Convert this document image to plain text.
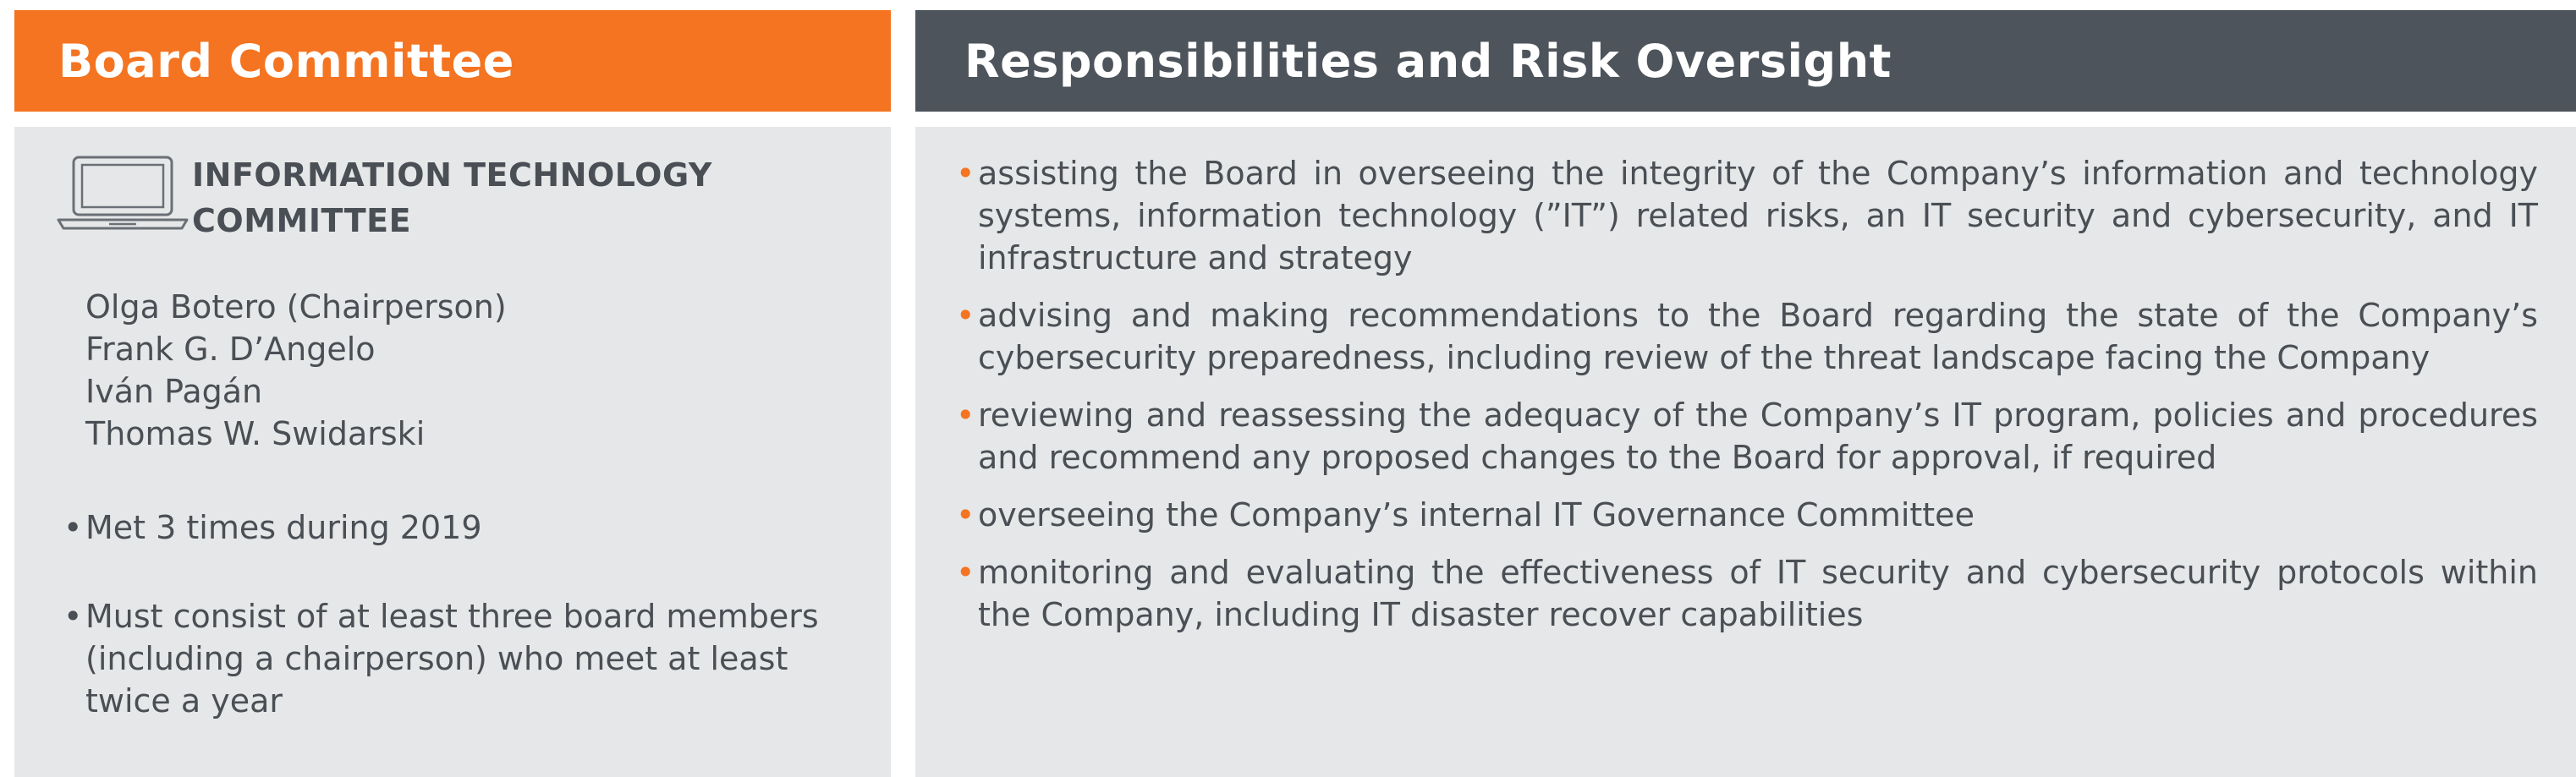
Board Committee	Responsibilities and Risk Oversight
INFORMATION TECHNOLOGY
COMMITTEE
Olga Botero (Chairperson)
Frank G. D’Angelo
Iván Pagán
Thomas W. Swidarski
• Met 3 times during 2019
• Must consist of at least three board members (including a chairperson) who meet at least twice a year
• assisting the Board in overseeing the integrity of the Company’s information and technology systems, information technology (”IT”) related risks, an IT security and cybersecurity, and IT infrastructure and strategy
• advising and making recommendations to the Board regarding the state of the Company’s cybersecurity preparedness, including review of the threat landscape facing the Company
• reviewing and reassessing the adequacy of the Company’s IT program, policies and procedures and recommend any proposed changes to the Board for approval, if required
• overseeing the Company’s internal IT Governance Committee
• monitoring and evaluating the effectiveness of IT security and cybersecurity protocols within the Company, including IT disaster recover capabilities
